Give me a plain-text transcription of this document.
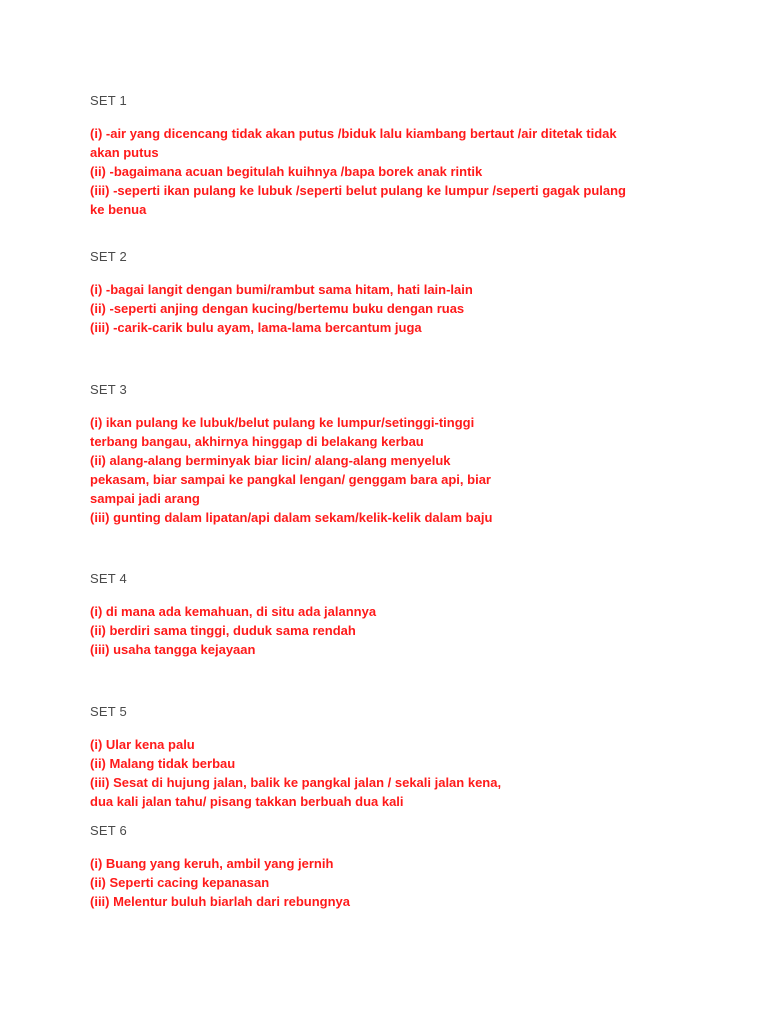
SET 1

(i) -air yang dicencang tidak akan putus /biduk lalu kiambang bertaut /air ditetak tidak

akan putus

(ii) -bagaimana acuan begitulah kuihnya /bapa borek anak rintik

(iii) -seperti ikan pulang ke lubuk /seperti belut pulang ke lumpur /seperti gagak pulang

ke benua

SET 2

(i) -bagai langit dengan bumi/rambut sama hitam, hati lain-lain

(ii) -seperti anjing dengan kucing/bertemu buku dengan ruas

(iii) -carik-carik bulu ayam, lama-lama bercantum juga

SET 3

(i) ikan pulang ke lubuk/belut pulang ke lumpur/setinggi-tinggi

terbang bangau, akhirnya hinggap di belakang kerbau

(ii) alang-alang berminyak biar licin/ alang-alang menyeluk

pekasam, biar sampai ke pangkal lengan/ genggam bara api, biar

sampai jadi arang

(iii) gunting dalam lipatan/api dalam sekam/kelik-kelik dalam baju

SET 4

(i) di mana ada kemahuan, di situ ada jalannya

(ii) berdiri sama tinggi, duduk sama rendah

(iii) usaha tangga kejayaan

SET 5

(i) Ular kena palu

(ii) Malang tidak berbau

(iii) Sesat di hujung jalan, balik ke pangkal jalan / sekali jalan kena,

dua kali jalan tahu/ pisang takkan berbuah dua kali

SET 6

(i) Buang yang keruh, ambil yang jernih

(ii) Seperti cacing kepanasan

(iii) Melentur buluh biarlah dari rebungnya
